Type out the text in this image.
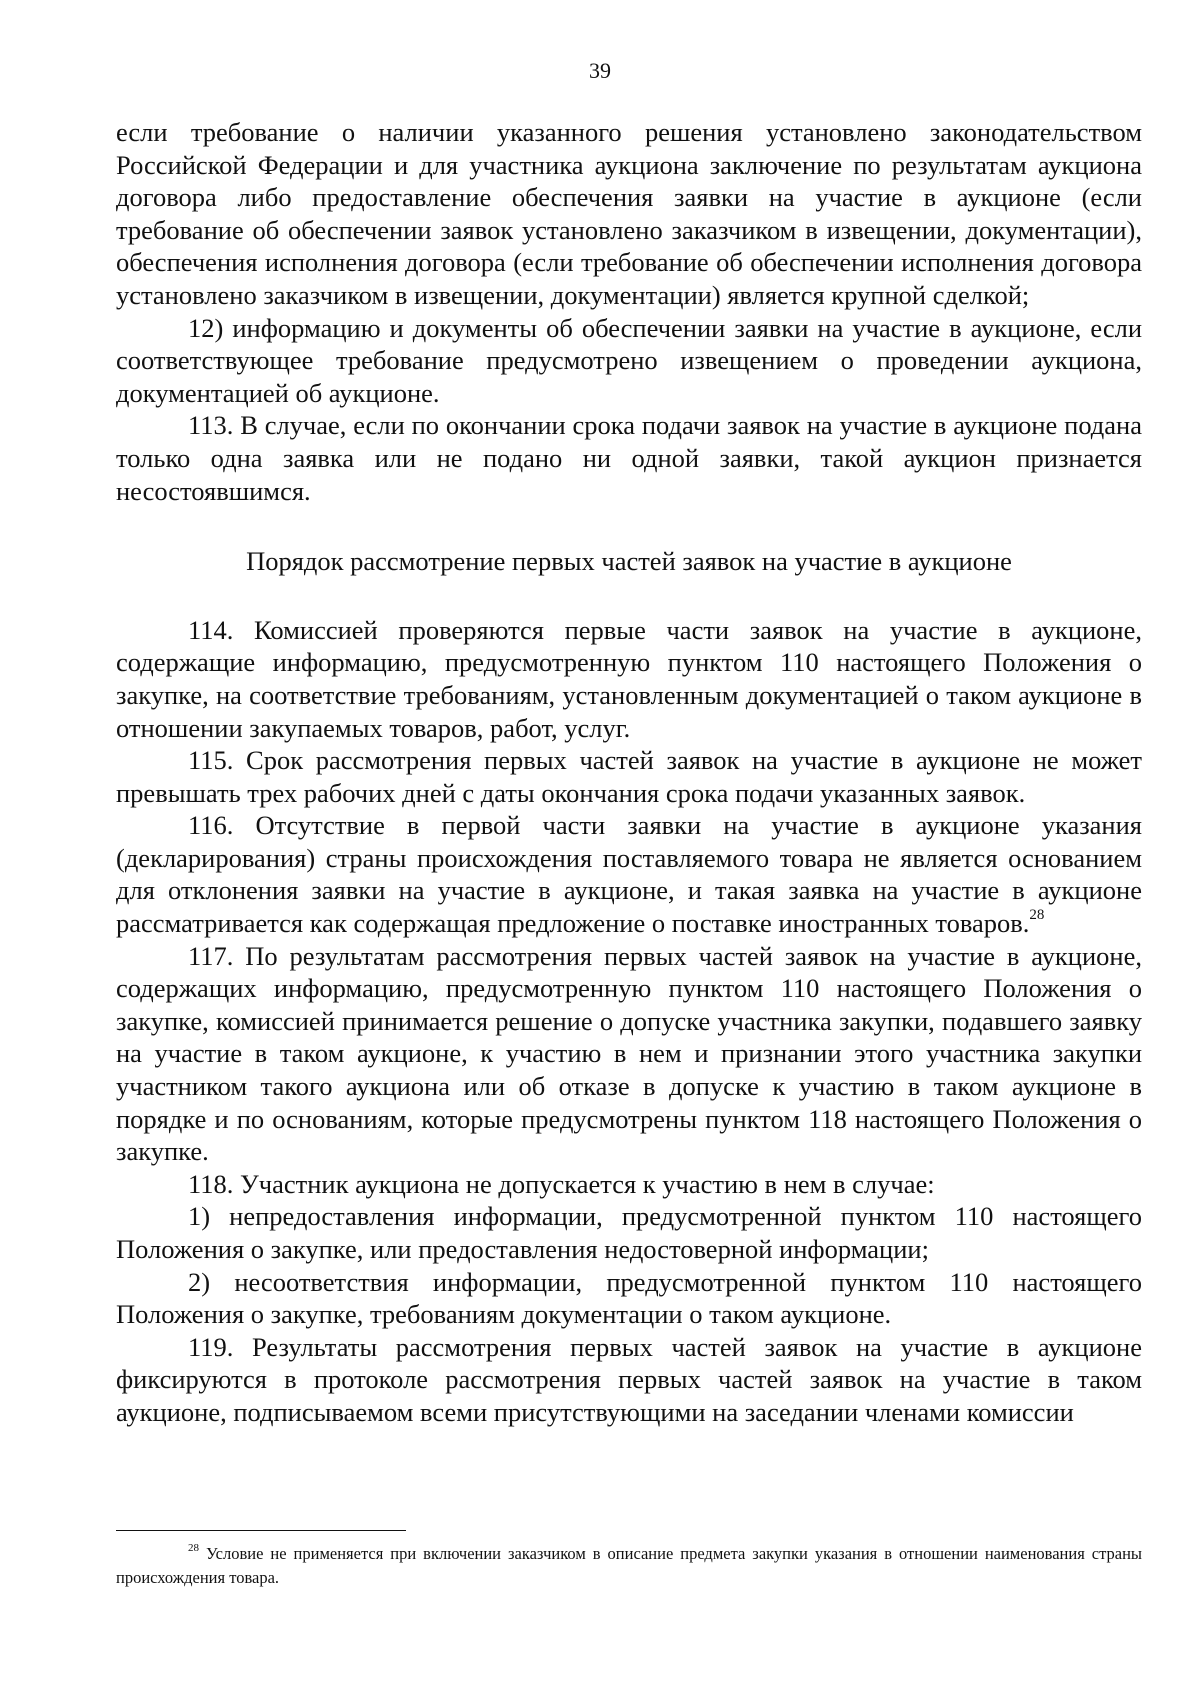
39

если требование о наличии указанного решения установлено законодательством Российской Федерации и для участника аукциона заключение по результатам аукциона договора либо предоставление обеспечения заявки на участие в аукционе (если требование об обеспечении заявок установлено заказчиком в извещении, документации), обеспечения исполнения договора (если требование об обеспечении исполнения договора установлено заказчиком в извещении, документации) является крупной сделкой;

12) информацию и документы об обеспечении заявки на участие в аукционе, если соответствующее требование предусмотрено извещением о проведении аукциона, документацией об аукционе.

113. В случае, если по окончании срока подачи заявок на участие в аукционе подана только одна заявка или не подано ни одной заявки, такой аукцион признается несостоявшимся.

Порядок рассмотрение первых частей заявок на участие в аукционе

114. Комиссией проверяются первые части заявок на участие в аукционе, содержащие информацию, предусмотренную пунктом 110 настоящего Положения о закупке, на соответствие требованиям, установленным документацией о таком аукционе в отношении закупаемых товаров, работ, услуг.

115. Срок рассмотрения первых частей заявок на участие в аукционе не может превышать трех рабочих дней с даты окончания срока подачи указанных заявок.

116. Отсутствие в первой части заявки на участие в аукционе указания (декларирования) страны происхождения поставляемого товара не является основанием для отклонения заявки на участие в аукционе, и такая заявка на участие в аукционе рассматривается как содержащая предложение о поставке иностранных товаров.$^{28}$

117. По результатам рассмотрения первых частей заявок на участие в аукционе, содержащих информацию, предусмотренную пунктом 110 настоящего Положения о закупке, комиссией принимается решение о допуске участника закупки, подавшего заявку на участие в таком аукционе, к участию в нем и признании этого участника закупки участником такого аукциона или об отказе в допуске к участию в таком аукционе в порядке и по основаниям, которые предусмотрены пунктом 118 настоящего Положения о закупке.

118. Участник аукциона не допускается к участию в нем в случае:

1) непредоставления информации, предусмотренной пунктом 110 настоящего Положения о закупке, или предоставления недостоверной информации;

2) несоответствия информации, предусмотренной пунктом 110 настоящего Положения о закупке, требованиям документации о таком аукционе.

119. Результаты рассмотрения первых частей заявок на участие в аукционе фиксируются в протоколе рассмотрения первых частей заявок на участие в таком аукционе, подписываемом всеми присутствующими на заседании членами комиссии

$^{28}$ Условие не применяется при включении заказчиком в описание предмета закупки указания в отношении наименования страны происхождения товара.
